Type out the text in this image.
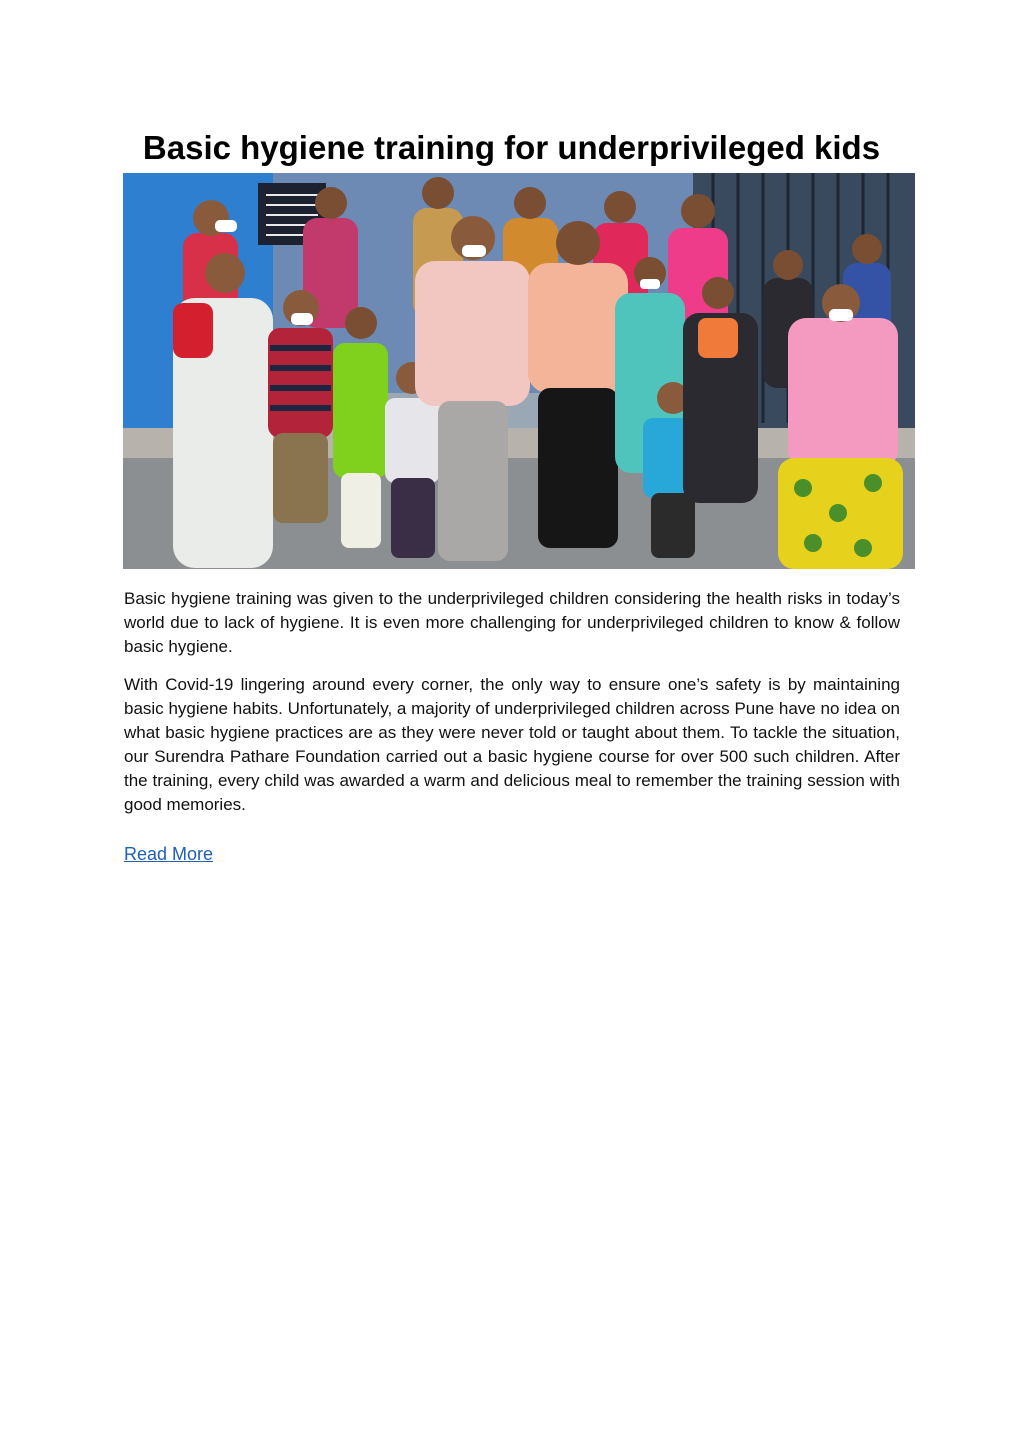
Basic hygiene training for underprivileged kids

Basic hygiene training was given to the underprivileged children considering the health risks in today’s world due to lack of hygiene. It is even more challenging for underprivileged children to know & follow basic hygiene.

With Covid-19 lingering around every corner, the only way to ensure one’s safety is by maintaining basic hygiene habits. Unfortunately, a majority of underprivileged children across Pune have no idea on what basic hygiene practices are as they were never told or taught about them. To tackle the situation, our Surendra Pathare Foundation carried out a basic hygiene course for over 500 such children. After the training, every child was awarded a warm and delicious meal to remember the training session with good memories.

Read More
